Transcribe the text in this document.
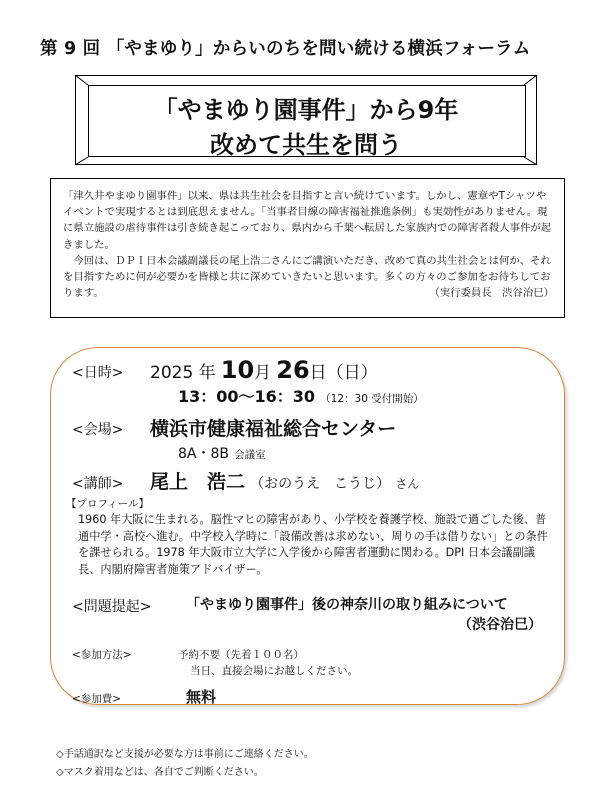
第 9 回 「やまゆり」からいのちを問い続ける横浜フォーラム
「やまゆり園事件」から9年
改めて共生を問う

「津久井やまゆり園事件」以来、県は共生社会を目指すと言い続けています。しかし、憲章やTシャツやイベントで実現するとは到底思えません。「当事者目線の障害福祉推進条例」も実効性がありません。現に県立施設の虐待事件は引き続き起こっており、県内から千葉へ転居した家族内での障害者殺人事件が起きました。

今回は、ＤＰＩ日本会議副議長の尾上浩二さんにご講演いただき、改めて真の共生社会とは何か、それを目指すために何が必要かを皆様と共に深めていきたいと思います。多くの方々のご参加をお待ちしております。	（実行委員長　渋谷治巳）

<日時> 2025 年 10月 26日（日）
13：00〜16：30 （12：30 受付開始）
<会場> 横浜市健康福祉総合センター
8A・8B 会議室
<講師> 尾上　浩二 （おのうえ　こうじ） さん
【プロフィール】
1960 年大阪に生まれる。脳性マヒの障害があり、小学校を養護学校、施設で過ごした後、普通中学・高校へ進む。中学校入学時に「設備改善は求めない、周りの手は借りない」との条件を課せられる。1978 年大阪市立大学に入学後から障害者運動に関わる。DPI 日本会議副議長、内閣府障害者施策アドバイザー。
<問題提起> 「やまゆり園事件」後の神奈川の取り組みについて
（渋谷治巳）
<参加方法>	予約不要（先着１００名）
当日、直接会場にお越しください。
<参加費>	無料
◇手話通訳など支援が必要な方は事前にご連絡ください。
◇マスク着用などは、各自でご判断ください。
